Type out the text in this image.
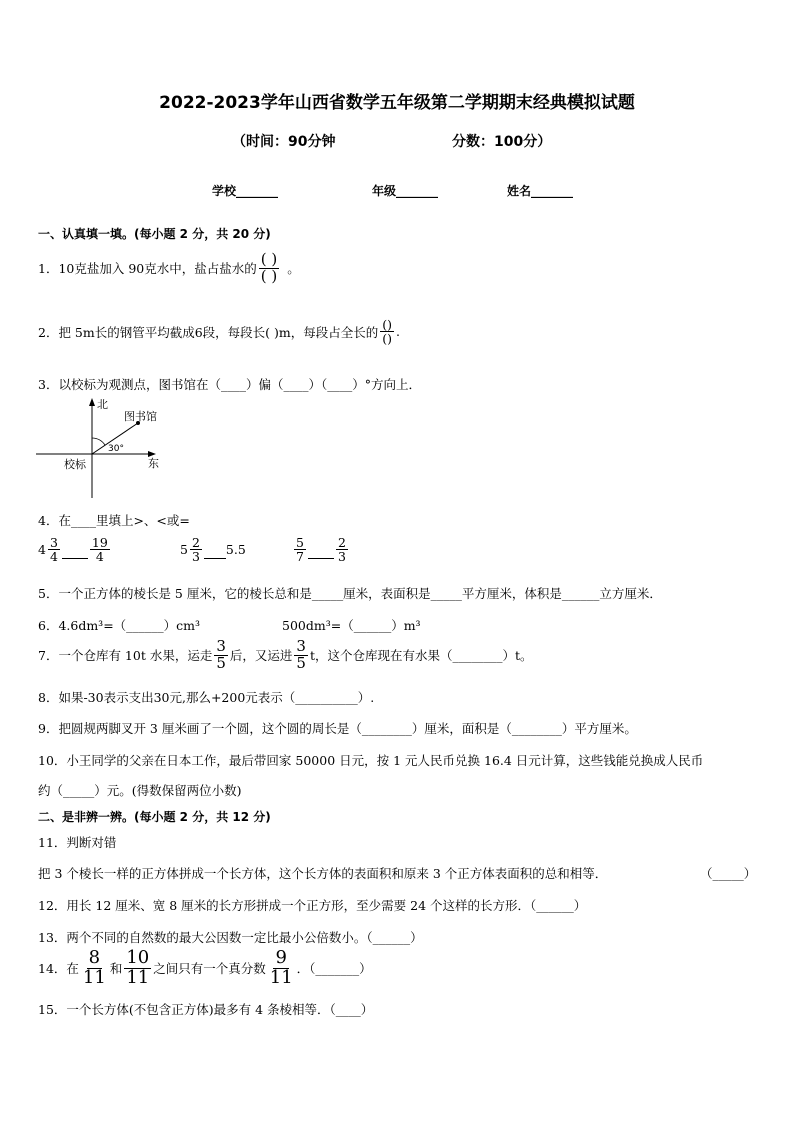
2022-2023学年山西省数学五年级第二学期期末经典模拟试题
（时间：90分钟	分数：100分）
学校_______	年级_______	姓名_______
一、认真填一填。(每小题 2 分，共 20 分)
1．10克盐加入 90克水中，盐占盐水的 $\frac{( )}{( )}$ 。
2．把 5m长的钢管平均截成6段，每段长( )m，每段占全长的 $\frac{()}{()}$ .
3．以校标为观测点，图书馆在（____）偏（____）（____）°方向上．
北
东
校标
图书馆
30°
4．在____里填上>、<或=
$4 \frac{3}{4} \frac{19}{4}$	$5 \frac{2}{3} 5.5$	$\frac{5}{7} \frac{2}{3}$
5．一个正方体的棱长是 5 厘米，它的棱长总和是_____厘米，表面积是_____平方厘米，体积是______立方厘米．
6．4.6dm³=（______）cm³	500dm³=（______）m³
7．一个仓库有 10t 水果，运走 $\frac{3}{5}$ 后，又运进 $\frac{3}{5}$ t，这个仓库现在有水果（________）t。
8．如果-30表示支出30元,那么+200元表示（__________）.
9．把圆规两脚叉开 3 厘米画了一个圆，这个圆的周长是（________）厘米，面积是（________）平方厘米。
10．小王同学的父亲在日本工作，最后带回家 50000 日元，按 1 元人民币兑换 16.4 日元计算，这些钱能兑换成人民币
约（_____）元。(得数保留两位小数)
二、是非辨一辨。(每小题 2 分，共 12 分)
11．判断对错
把 3 个棱长一样的正方体拼成一个长方体，这个长方体的表面积和原来 3 个正方体表面积的总和相等．	（_____）
12．用长 12 厘米、宽 8 厘米的长方形拼成一个正方形，至少需要 24 个这样的长方形．（______）
13．两个不同的自然数的最大公因数一定比最小公倍数小。（______）
14．在 $\frac{8}{11}$ 和 $\frac{10}{11}$ 之间只有一个真分数 $\frac{9}{11}$ ．（_______）
15．一个长方体(不包含正方体)最多有 4 条棱相等．（____）
